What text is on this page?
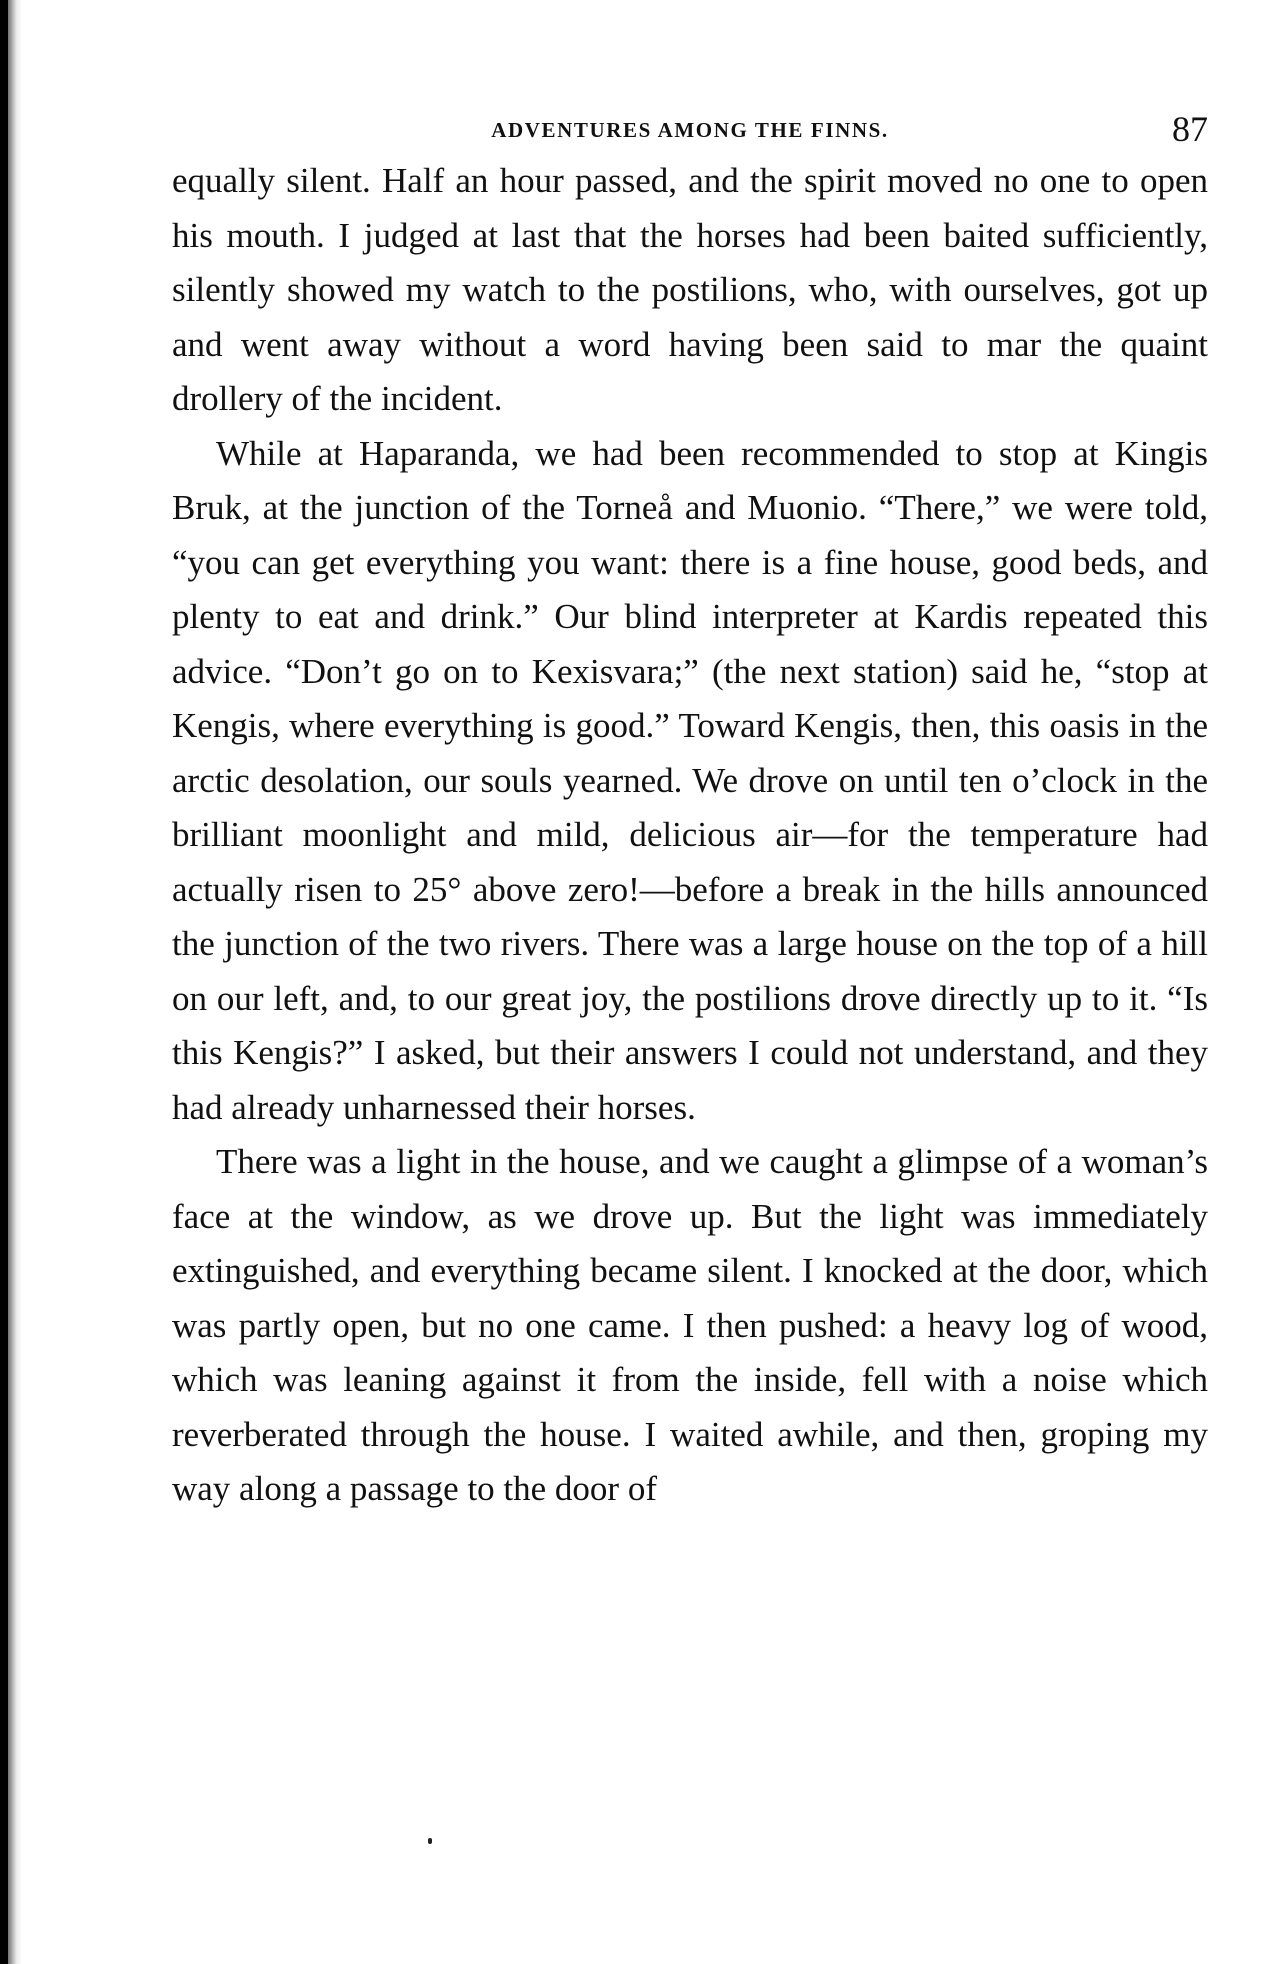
ADVENTURES AMONG THE FINNS.	87

equally silent. Half an hour passed, and the spirit moved no one to open his mouth. I judged at last that the horses had been baited sufficiently, silently showed my watch to the postilions, who, with ourselves, got up and went away without a word having been said to mar the quaint drollery of the incident.

While at Haparanda, we had been recommended to stop at Kingis Bruk, at the junction of the Torneå and Muonio. “There,” we were told, “you can get everything you want: there is a fine house, good beds, and plenty to eat and drink.” Our blind interpreter at Kardis repeated this advice. “Don’t go on to Kexisvara;” (the next station) said he, “stop at Kengis, where everything is good.” Toward Kengis, then, this oasis in the arctic desolation, our souls yearned. We drove on until ten o’clock in the brilliant moonlight and mild, delicious air—for the temperature had actually risen to 25° above zero!—before a break in the hills announced the junction of the two rivers. There was a large house on the top of a hill on our left, and, to our great joy, the postilions drove directly up to it. “Is this Kengis?” I asked, but their answers I could not understand, and they had already unharnessed their horses.

There was a light in the house, and we caught a glimpse of a woman’s face at the window, as we drove up. But the light was immediately extinguished, and everything became silent. I knocked at the door, which was partly open, but no one came. I then pushed: a heavy log of wood, which was leaning against it from the inside, fell with a noise which reverberated through the house. I waited awhile, and then, groping my way along a passage to the door of
